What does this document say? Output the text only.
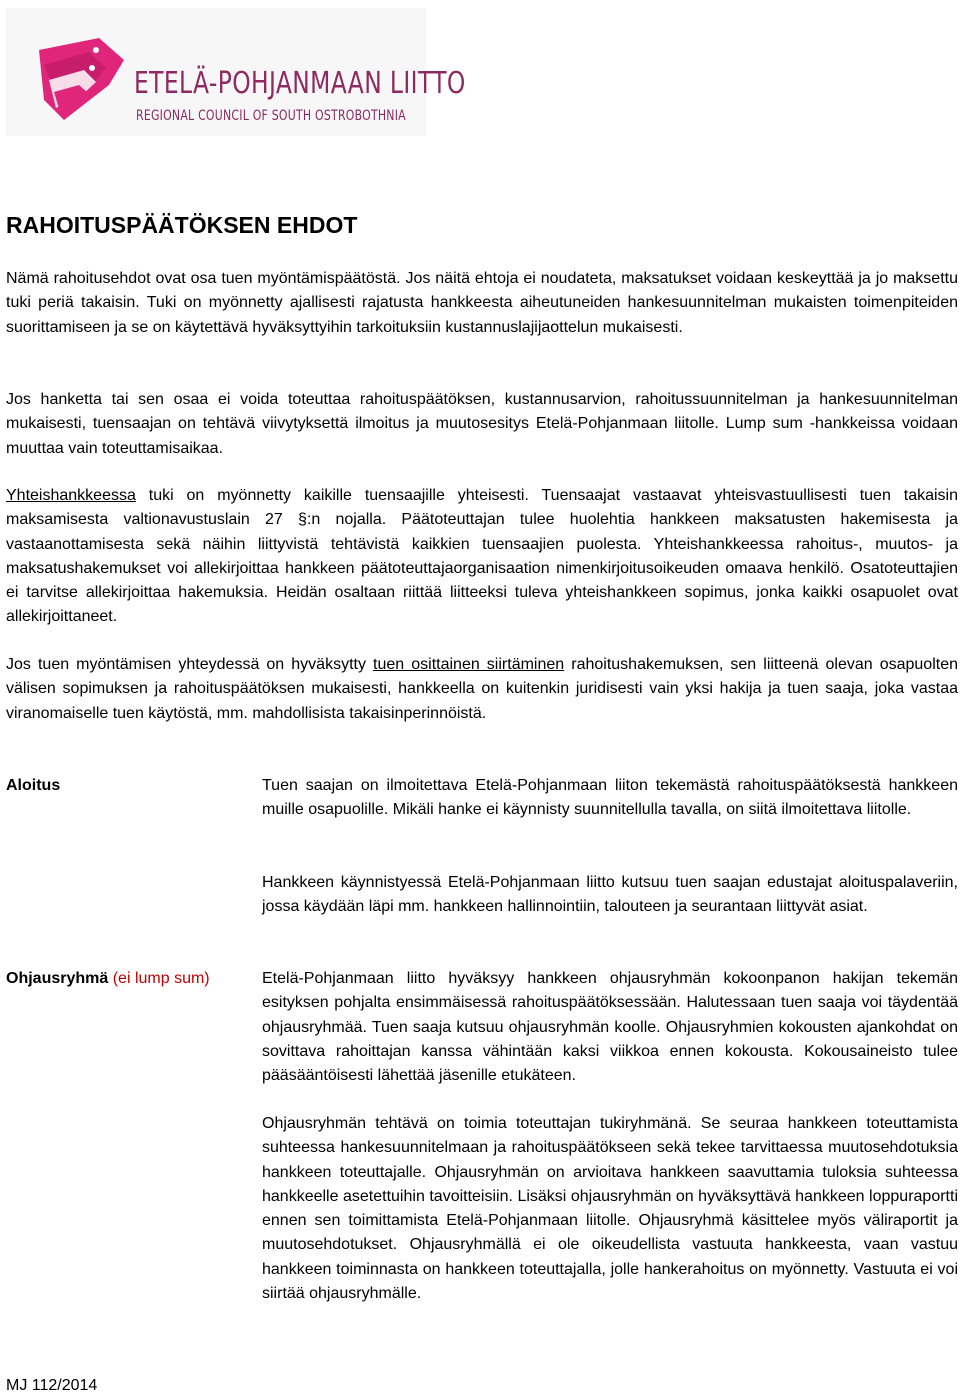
ETELÄ-POHJANMAAN LIITTO
REGIONAL COUNCIL OF SOUTH OSTROBOTHNIA
RAHOITUSPÄÄTÖKSEN EHDOT

Nämä rahoitusehdot ovat osa tuen myöntämispäätöstä. Jos näitä ehtoja ei noudateta, maksatukset voidaan keskeyttää ja jo maksettu tuki periä takaisin. Tuki on myönnetty ajallisesti rajatusta hankkeesta aiheutuneiden hankesuunnitelman mukaisten toimenpiteiden suorittamiseen ja se on käytettävä hyväksyttyihin tarkoituksiin kustannuslajijaottelun mukaisesti.

Jos hanketta tai sen osaa ei voida toteuttaa rahoituspäätöksen, kustannusarvion, rahoitussuunnitelman ja hankesuunnitelman mukaisesti, tuensaajan on tehtävä viivytyksettä ilmoitus ja muutosesitys Etelä-Pohjanmaan liitolle. Lump sum -hankkeissa voidaan muuttaa vain toteuttamisaikaa.

Yhteishankkeessa tuki on myönnetty kaikille tuensaajille yhteisesti. Tuensaajat vastaavat yhteisvastuullisesti tuen takaisin maksamisesta valtionavustuslain 27 §:n nojalla. Päätoteuttajan tulee huolehtia hankkeen maksatusten hakemisesta ja vastaanottamisesta sekä näihin liittyvistä tehtävistä kaikkien tuensaajien puolesta. Yhteishankkeessa rahoitus-, muutos- ja maksatushakemukset voi allekirjoittaa hankkeen päätoteuttajaorganisaation nimenkirjoitusoikeuden omaava henkilö. Osatoteuttajien ei tarvitse allekirjoittaa hakemuksia. Heidän osaltaan riittää liitteeksi tuleva yhteishankkeen sopimus, jonka kaikki osapuolet ovat allekirjoittaneet.

Jos tuen myöntämisen yhteydessä on hyväksytty tuen osittainen siirtäminen rahoitushakemuksen, sen liitteenä olevan osapuolten välisen sopimuksen ja rahoituspäätöksen mukaisesti, hankkeella on kuitenkin juridisesti vain yksi hakija ja tuen saaja, joka vastaa viranomaiselle tuen käytöstä, mm. mahdollisista takaisinperinnöistä.

Aloitus	Tuen saajan on ilmoitettava Etelä-Pohjanmaan liiton tekemästä rahoituspäätöksestä hankkeen muille osapuolille. Mikäli hanke ei käynnisty suunnitellulla tavalla, on siitä ilmoitettava liitolle.

Hankkeen käynnistyessä Etelä-Pohjanmaan liitto kutsuu tuen saajan edustajat aloituspalaveriin, jossa käydään läpi mm. hankkeen hallinnointiin, talouteen ja seurantaan liittyvät asiat.

Ohjausryhmä (ei lump sum)	Etelä-Pohjanmaan liitto hyväksyy hankkeen ohjausryhmän kokoonpanon hakijan tekemän esityksen pohjalta ensimmäisessä rahoituspäätöksessään. Halutessaan tuen saaja voi täydentää ohjausryhmää. Tuen saaja kutsuu ohjausryhmän koolle. Ohjausryhmien kokousten ajankohdat on sovittava rahoittajan kanssa vähintään kaksi viikkoa ennen kokousta. Kokousaineisto tulee pääsääntöisesti lähettää jäsenille etukäteen.

Ohjausryhmän tehtävä on toimia toteuttajan tukiryhmänä. Se seuraa hankkeen toteuttamista suhteessa hankesuunnitelmaan ja rahoituspäätökseen sekä tekee tarvittaessa muutosehdotuksia hankkeen toteuttajalle. Ohjausryhmän on arvioitava hankkeen saavuttamia tuloksia suhteessa hankkeelle asetettuihin tavoitteisiin. Lisäksi ohjausryhmän on hyväksyttävä hankkeen loppuraportti ennen sen toimittamista Etelä-Pohjanmaan liitolle. Ohjausryhmä käsittelee myös väliraportit ja muutosehdotukset. Ohjausryhmällä ei ole oikeudellista vastuuta hankkeesta, vaan vastuu hankkeen toiminnasta on hankkeen toteuttajalla, jolle hankerahoitus on myönnetty. Vastuuta ei voi siirtää ohjausryhmälle.

MJ 112/2014
